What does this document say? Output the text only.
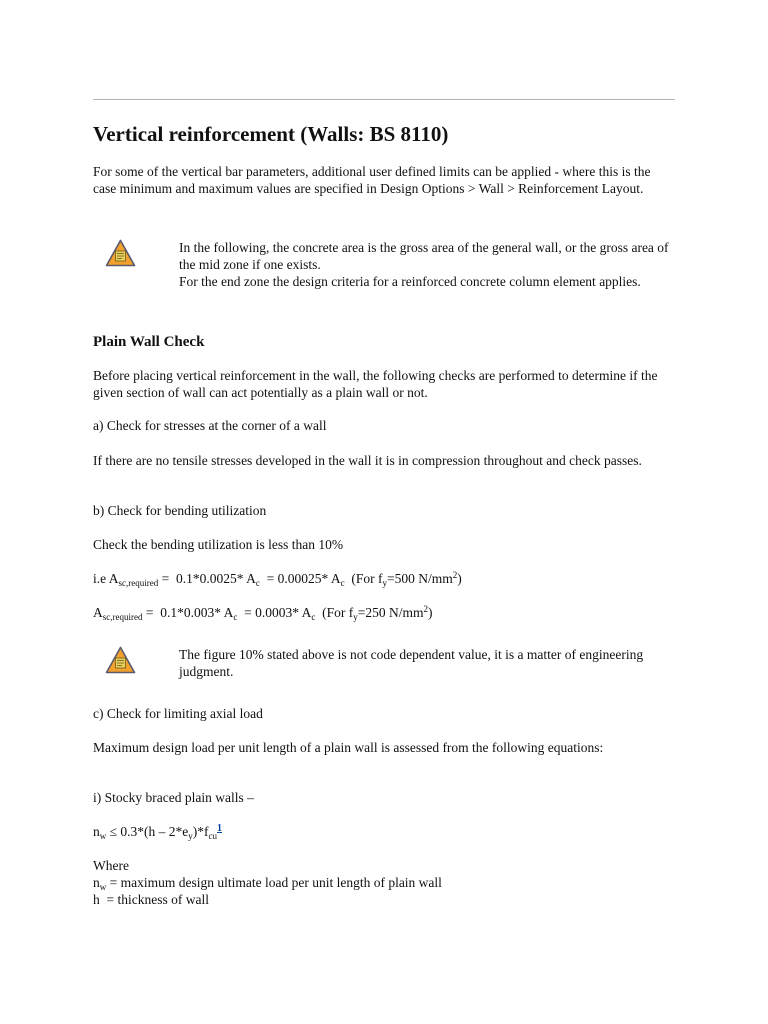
Vertical reinforcement (Walls: BS 8110)

For some of the vertical bar parameters, additional user defined limits can be applied - where this is the case minimum and maximum values are specified in Design Options > Wall > Reinforcement Layout.

In the following, the concrete area is the gross area of the general wall, or the gross area of the mid zone if one exists.
For the end zone the design criteria for a reinforced concrete column element applies.
Plain Wall Check

Before placing vertical reinforcement in the wall, the following checks are performed to determine if the given section of wall can act potentially as a plain wall or not.

a) Check for stresses at the corner of a wall

If there are no tensile stresses developed in the wall it is in compression throughout and check passes.

b) Check for bending utilization

Check the bending utilization is less than 10%

i.e $A_{sc,required} = 0.1*0.0025*$ $A_c = 0.00025*$ $A_c$  (For $f_y=500$ $N/mm^2$)

$A_{sc,required} = 0.1*0.003*$ $A_c = 0.0003*$ $A_c$  (For $f_y=250$ $N/mm^2$)

The figure 10% stated above is not code dependent value, it is a matter of engineering judgment.

c) Check for limiting axial load

Maximum design load per unit length of a plain wall is assessed from the following equations:

i) Stocky braced plain walls –

$n_w \le 0.3*(h - 2*e_y)*f_{cu}^1$

Where
$n_w$ = maximum design ultimate load per unit length of plain wall
h  = thickness of wall
